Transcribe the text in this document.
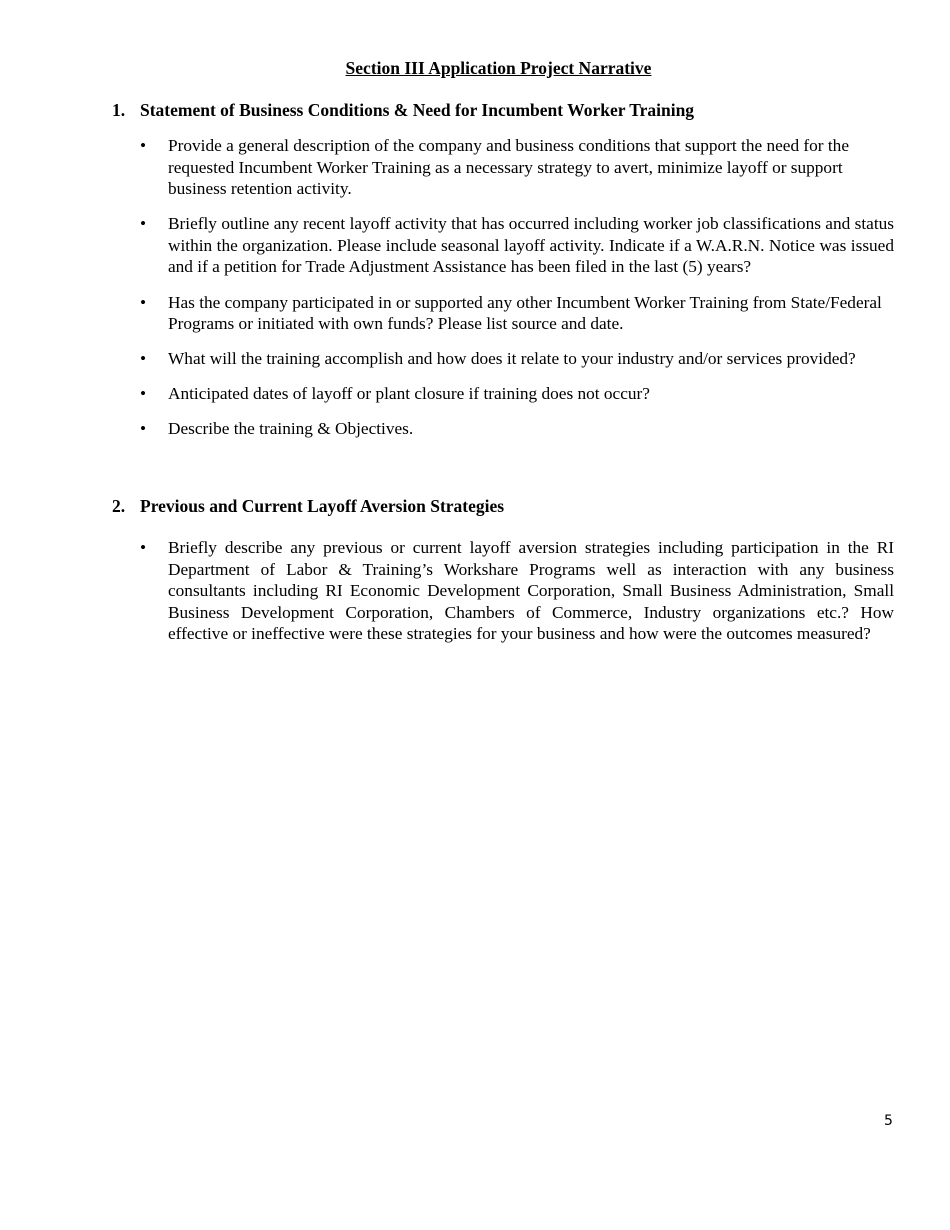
Section III Application Project Narrative
1. Statement of Business Conditions & Need for Incumbent Worker Training
•	Provide a general description of the company and business conditions that support the need for the requested Incumbent Worker Training as a necessary strategy to avert, minimize layoff or support business retention activity.
•	Briefly outline any recent layoff activity that has occurred including worker job classifications and status within the organization. Please include seasonal layoff activity. Indicate if a W.A.R.N. Notice was issued and if a petition for Trade Adjustment Assistance has been filed in the last (5) years?
•	Has the company participated in or supported any other Incumbent Worker Training from State/Federal Programs or initiated with own funds? Please list source and date.
•	What will the training accomplish and how does it relate to your industry and/or services provided?
•	Anticipated dates of layoff or plant closure if training does not occur?
•	Describe the training & Objectives.
2. Previous and Current Layoff Aversion Strategies
•	Briefly describe any previous or current layoff aversion strategies including participation in the RI Department of Labor & Training’s Workshare Programs well as interaction with any business consultants including RI Economic Development Corporation, Small Business Administration, Small Business Development Corporation, Chambers of Commerce, Industry organizations etc.? How effective or ineffective were these strategies for your business and how were the outcomes measured?
5
